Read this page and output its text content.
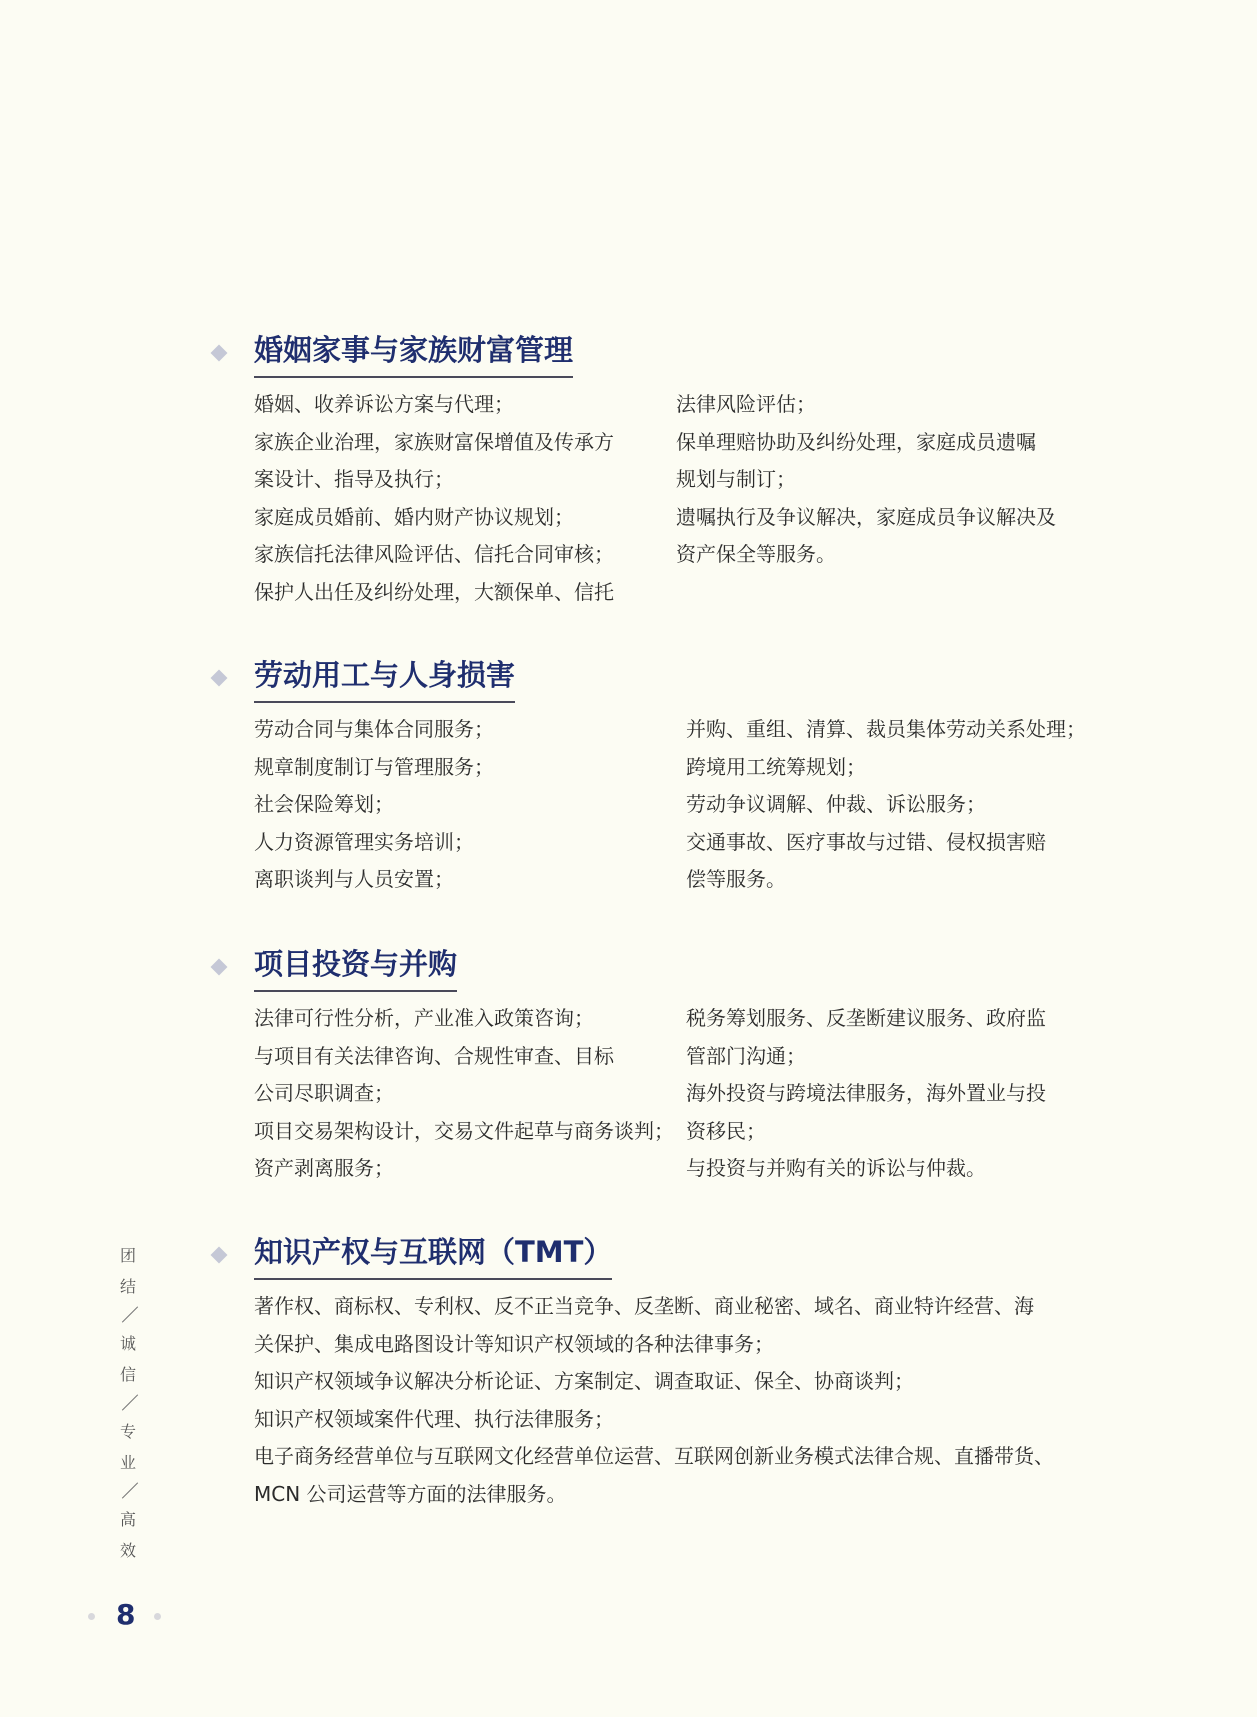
婚姻家事与家族财富管理
婚姻、收养诉讼方案与代理；
家族企业治理，家族财富保增值及传承方
案设计、指导及执行；
家庭成员婚前、婚内财产协议规划；
家族信托法律风险评估、信托合同审核；
保护人出任及纠纷处理，大额保单、信托
法律风险评估；
保单理赔协助及纠纷处理，家庭成员遗嘱
规划与制订；
遗嘱执行及争议解决，家庭成员争议解决及
资产保全等服务。
劳动用工与人身损害
劳动合同与集体合同服务；
规章制度制订与管理服务；
社会保险筹划；
人力资源管理实务培训；
离职谈判与人员安置；
并购、重组、清算、裁员集体劳动关系处理；
跨境用工统筹规划；
劳动争议调解、仲裁、诉讼服务；
交通事故、医疗事故与过错、侵权损害赔
偿等服务。
项目投资与并购
法律可行性分析，产业准入政策咨询；
与项目有关法律咨询、合规性审查、目标
公司尽职调查；
项目交易架构设计，交易文件起草与商务谈判；
资产剥离服务；
税务筹划服务、反垄断建议服务、政府监
管部门沟通；
海外投资与跨境法律服务，海外置业与投
资移民；
与投资与并购有关的诉讼与仲裁。
知识产权与互联网（TMT）
著作权、商标权、专利权、反不正当竞争、反垄断、商业秘密、域名、商业特许经营、海
关保护、集成电路图设计等知识产权领域的各种法律事务；
知识产权领域争议解决分析论证、方案制定、调查取证、保全、协商谈判；
知识产权领域案件代理、执行法律服务；
电子商务经营单位与互联网文化经营单位运营、互联网创新业务模式法律合规、直播带货、
MCN 公司运营等方面的法律服务。
团
结
诚
信
专
业
高
效
8
